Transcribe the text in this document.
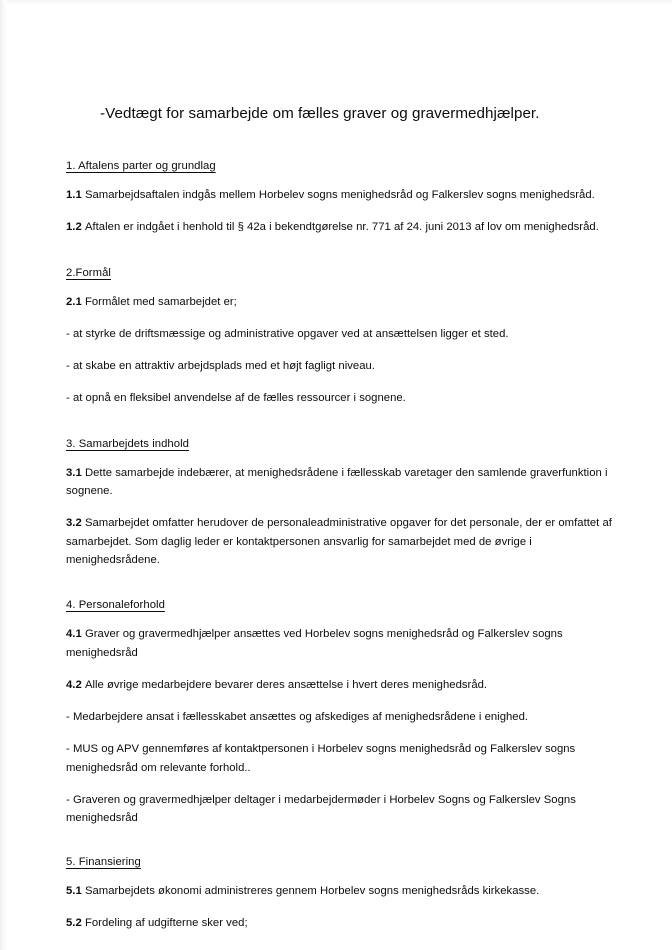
-Vedtægt for samarbejde om fælles graver og gravermedhjælper.
1. Aftalens parter og grundlag

1.1 Samarbejdsaftalen indgås mellem Horbelev sogns menighedsråd og Falkerslev sogns menighedsråd.

1.2 Aftalen er indgået i henhold til § 42a i bekendtgørelse nr. 771 af 24. juni 2013 af lov om menighedsråd.

2.Formål

2.1 Formålet med samarbejdet er;

- at styrke de driftsmæssige og administrative opgaver ved at ansættelsen ligger et sted.

- at skabe en attraktiv arbejdsplads med et højt fagligt niveau.

- at opnå en fleksibel anvendelse af de fælles ressourcer i sognene.

3. Samarbejdets indhold

3.1 Dette samarbejde indebærer, at menighedsrådene i fællesskab varetager den samlende graverfunktion i sognene.

3.2 Samarbejdet omfatter herudover de personaleadministrative opgaver for det personale, der er omfattet af samarbejdet. Som daglig leder er kontaktpersonen ansvarlig for samarbejdet med de øvrige i menighedsrådene.

4. Personaleforhold

4.1 Graver og gravermedhjælper ansættes ved Horbelev sogns menighedsråd og Falkerslev sogns menighedsråd

4.2 Alle øvrige medarbejdere bevarer deres ansættelse i hvert deres menighedsråd.

- Medarbejdere ansat i fællesskabet ansættes og afskediges af menighedsrådene i enighed.

- MUS og APV gennemføres af kontaktpersonen i Horbelev sogns menighedsråd og Falkerslev sogns menighedsråd om relevante forhold..

- Graveren og gravermedhjælper deltager i medarbejdermøder i Horbelev Sogns og Falkerslev Sogns menighedsråd

5. Finansiering

5.1 Samarbejdets økonomi administreres gennem Horbelev sogns menighedsråds kirkekasse.

5.2 Fordeling af udgifterne sker ved;
